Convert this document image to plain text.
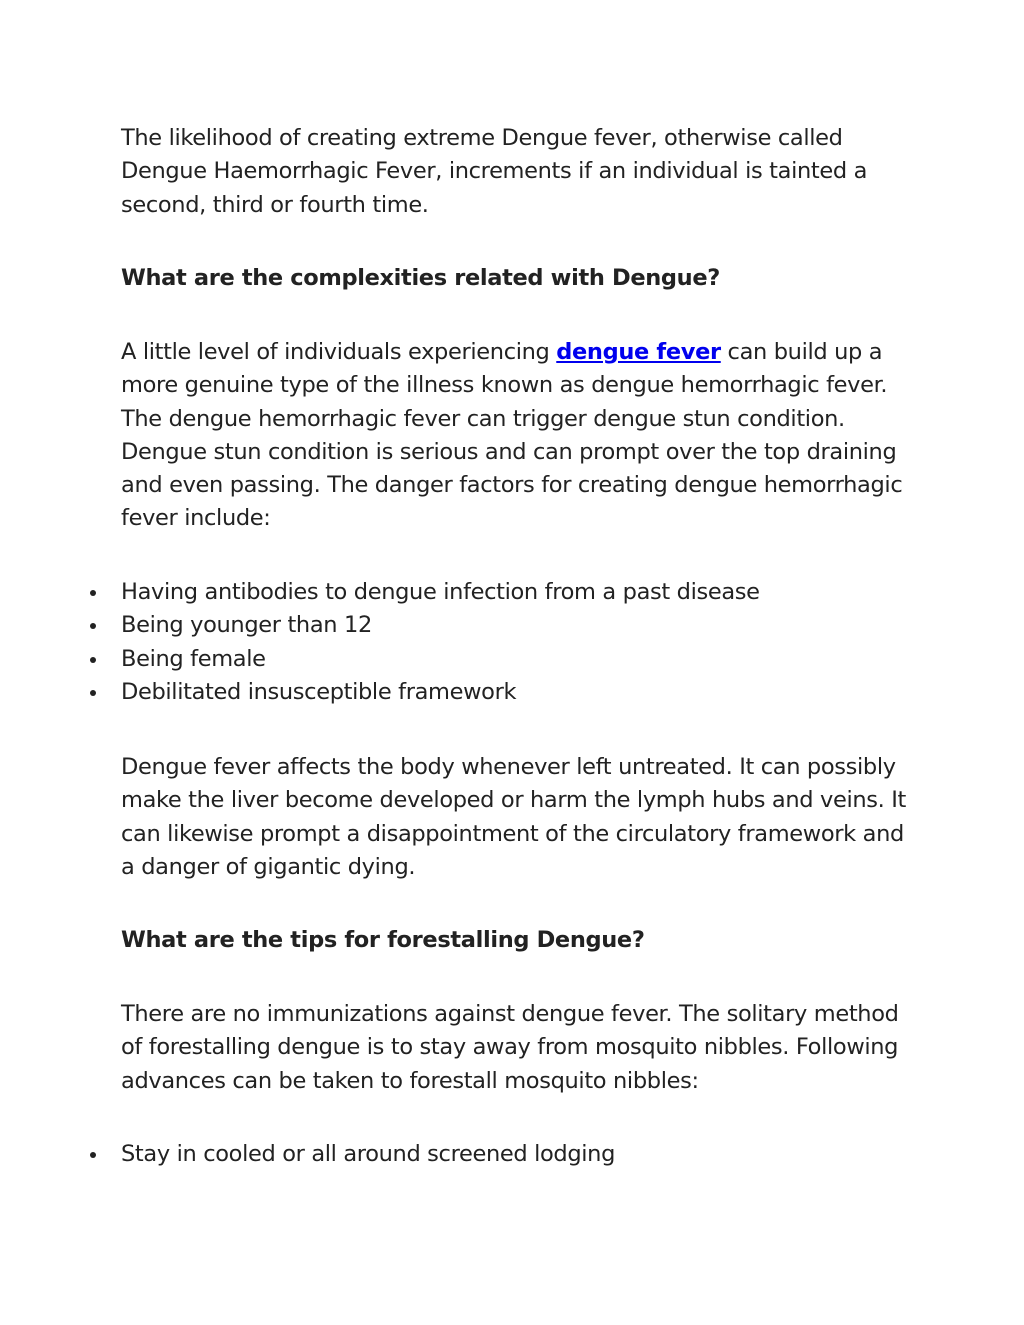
The likelihood of creating extreme Dengue fever, otherwise called Dengue Haemorrhagic Fever, increments if an individual is tainted a second, third or fourth time.

What are the complexities related with Dengue?

A little level of individuals experiencing dengue fever can build up a more genuine type of the illness known as dengue hemorrhagic fever. The dengue hemorrhagic fever can trigger dengue stun condition. Dengue stun condition is serious and can prompt over the top draining and even passing. The danger factors for creating dengue hemorrhagic fever include:

Having antibodies to dengue infection from a past disease
Being younger than 12
Being female
Debilitated insusceptible framework

Dengue fever affects the body whenever left untreated. It can possibly make the liver become developed or harm the lymph hubs and veins. It can likewise prompt a disappointment of the circulatory framework and a danger of gigantic dying.

What are the tips for forestalling Dengue?

There are no immunizations against dengue fever. The solitary method of forestalling dengue is to stay away from mosquito nibbles. Following advances can be taken to forestall mosquito nibbles:

Stay in cooled or all around screened lodging
